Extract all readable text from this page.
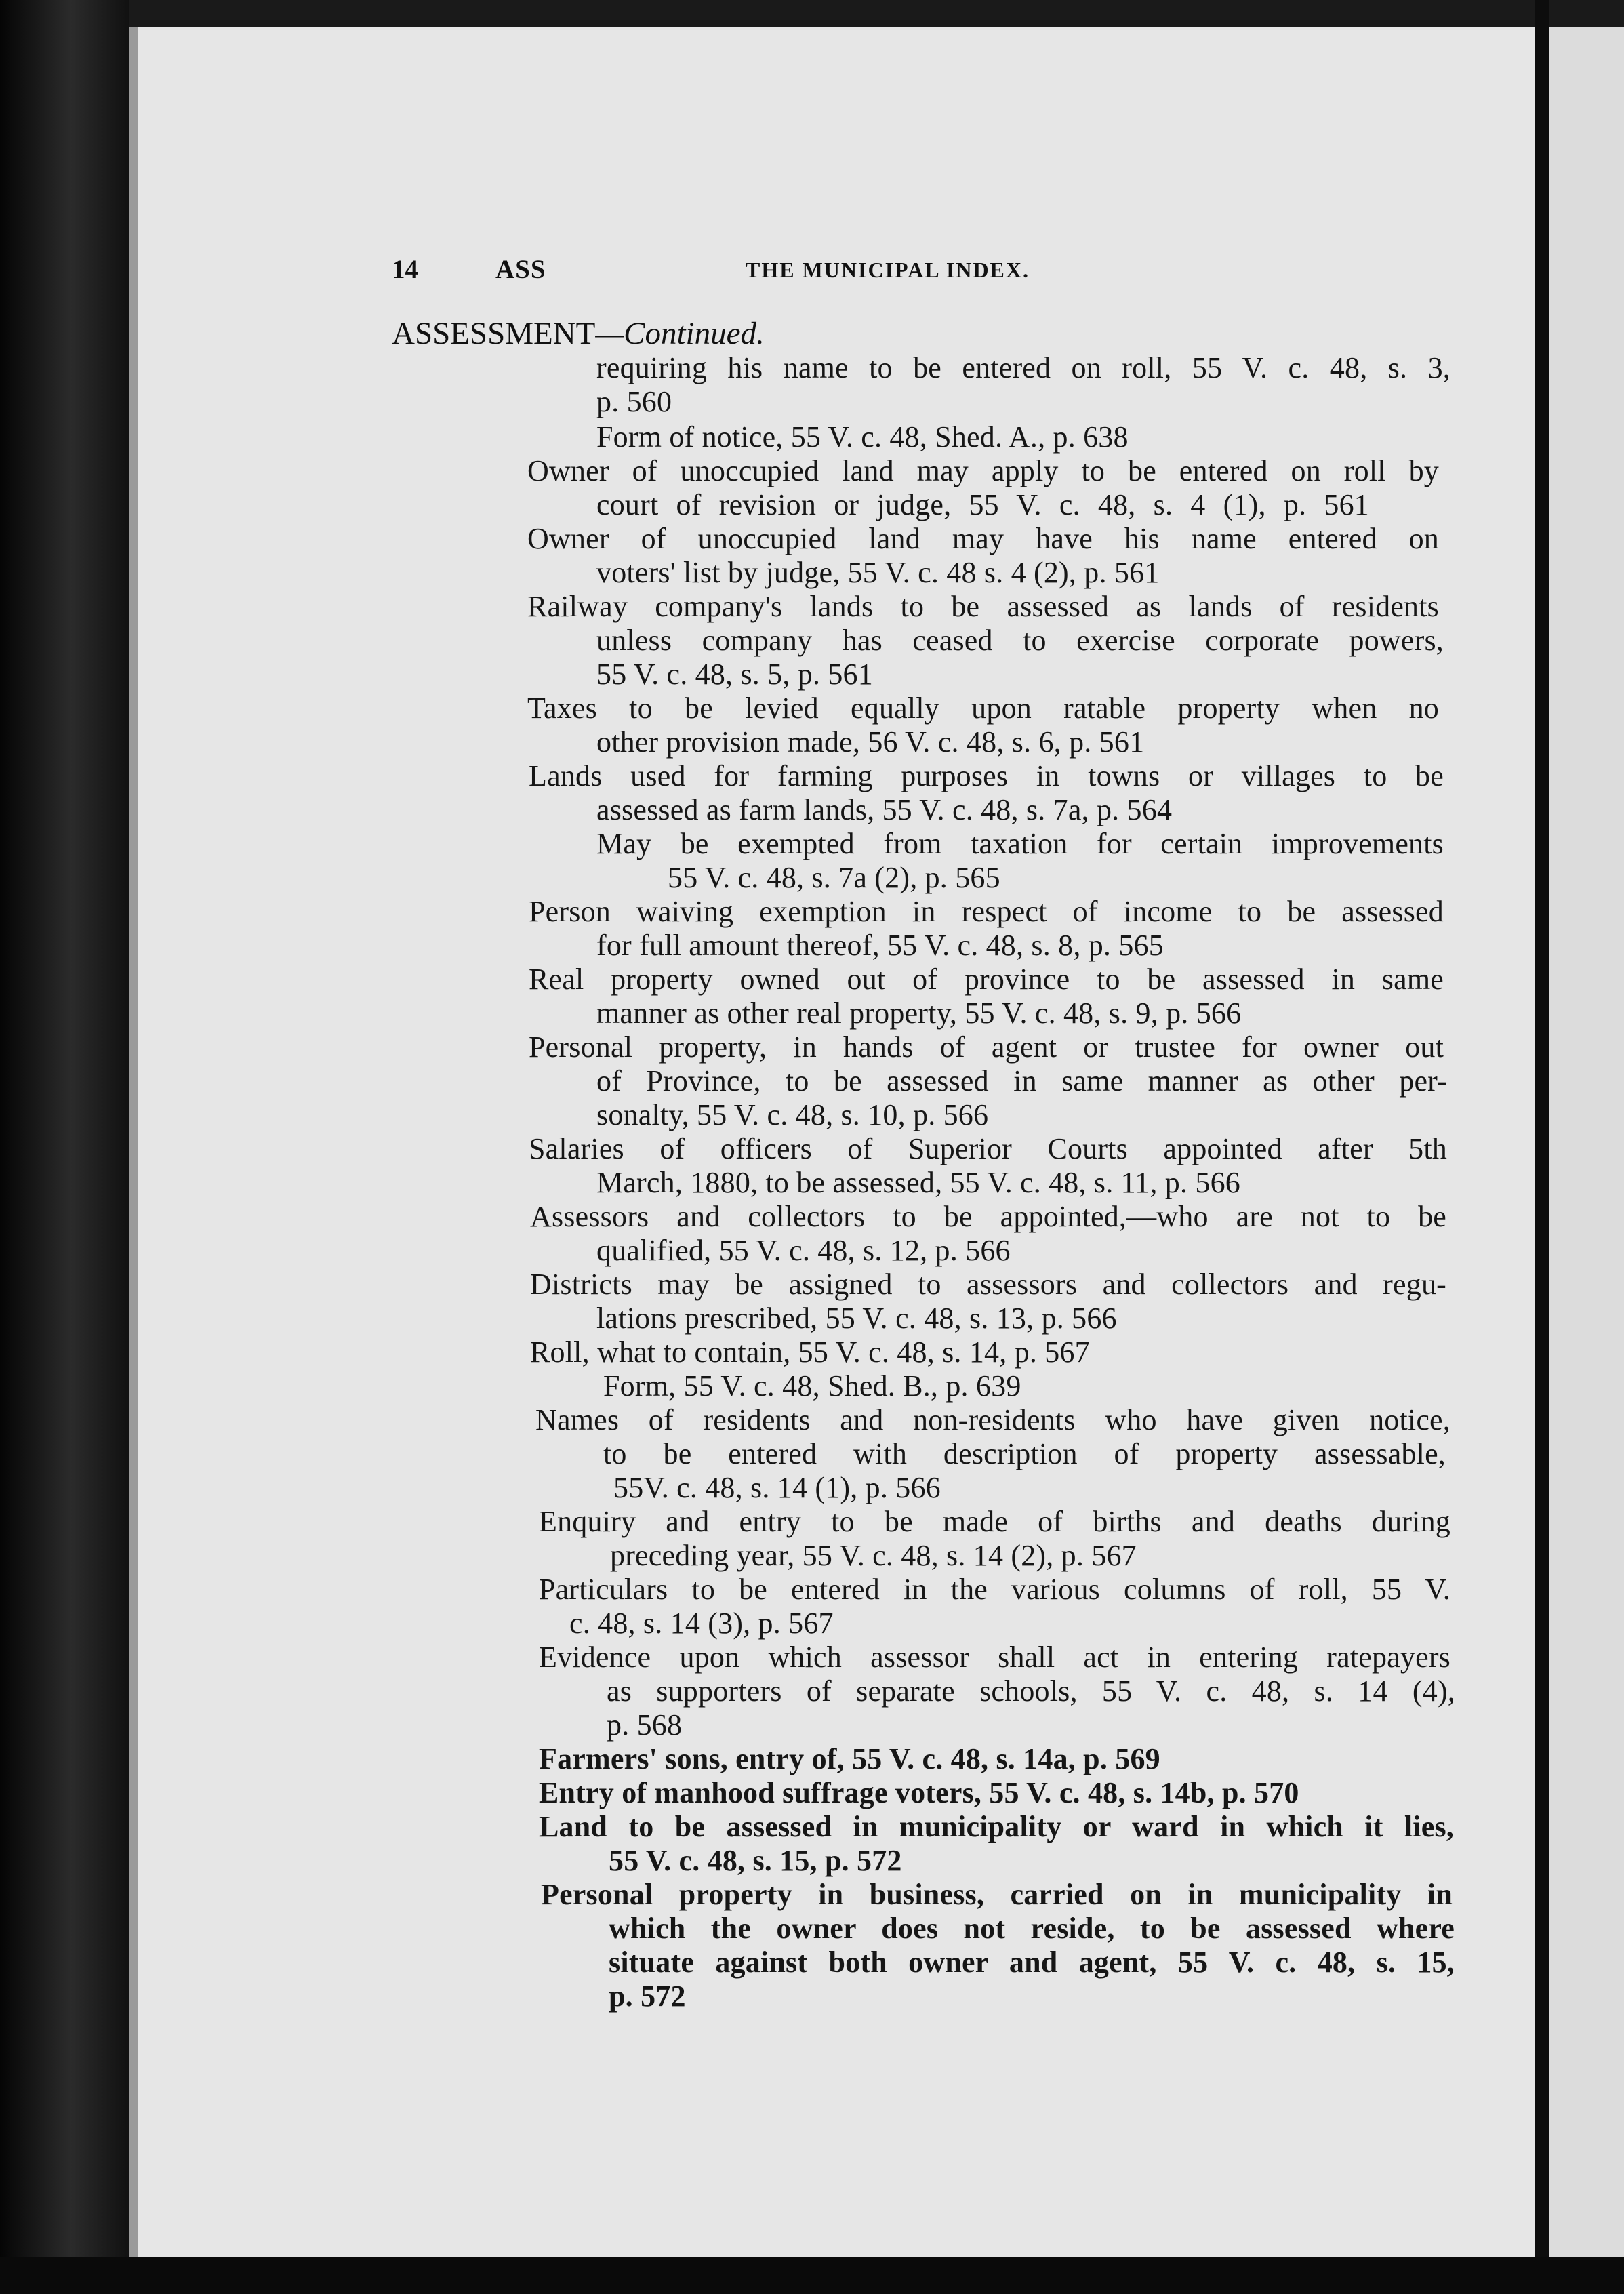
14	ASS	THE MUNICIPAL INDEX.
ASSESSMENT—Continued.
requiring his name to be entered on roll, 55 V. c. 48, s. 3,
p. 560
Form of notice, 55 V. c. 48, Shed. A., p. 638
Owner of unoccupied land may apply to be entered on roll by
court of revision or judge, 55 V. c. 48, s. 4 (1), p. 561
Owner of unoccupied land may have his name entered on
voters' list by judge, 55 V. c. 48 s. 4 (2), p. 561
Railway company's lands to be assessed as lands of residents
unless company has ceased to exercise corporate powers,
55 V. c. 48, s. 5, p. 561
Taxes to be levied equally upon ratable property when no
other provision made, 56 V. c. 48, s. 6, p. 561
Lands used for farming purposes in towns or villages to be
assessed as farm lands, 55 V. c. 48, s. 7a, p. 564
May be exempted from taxation for certain improvements
55 V. c. 48, s. 7a (2), p. 565
Person waiving exemption in respect of income to be assessed
for full amount thereof, 55 V. c. 48, s. 8, p. 565
Real property owned out of province to be assessed in same
manner as other real property, 55 V. c. 48, s. 9, p. 566
Personal property, in hands of agent or trustee for owner out
of Province, to be assessed in same manner as other per-
sonalty, 55 V. c. 48, s. 10, p. 566
Salaries of officers of Superior Courts appointed after 5th
March, 1880, to be assessed, 55 V. c. 48, s. 11, p. 566
Assessors and collectors to be appointed,—who are not to be
qualified, 55 V. c. 48, s. 12, p. 566
Districts may be assigned to assessors and collectors and regu-
lations prescribed, 55 V. c. 48, s. 13, p. 566
Roll, what to contain, 55 V. c. 48, s. 14, p. 567
Form, 55 V. c. 48, Shed. B., p. 639
Names of residents and non-residents who have given notice,
to be entered with description of property assessable,
55V. c. 48, s. 14 (1), p. 566
Enquiry and entry to be made of births and deaths during
preceding year, 55 V. c. 48, s. 14 (2), p. 567
Particulars to be entered in the various columns of roll, 55 V.
c. 48, s. 14 (3), p. 567
Evidence upon which assessor shall act in entering ratepayers
as supporters of separate schools, 55 V. c. 48, s. 14 (4),
p. 568
Farmers' sons, entry of, 55 V. c. 48, s. 14a, p. 569
Entry of manhood suffrage voters, 55 V. c. 48, s. 14b, p. 570
Land to be assessed in municipality or ward in which it lies,
55 V. c. 48, s. 15, p. 572
Personal property in business, carried on in municipality in
which the owner does not reside, to be assessed where
situate against both owner and agent, 55 V. c. 48, s. 15,
p. 572
